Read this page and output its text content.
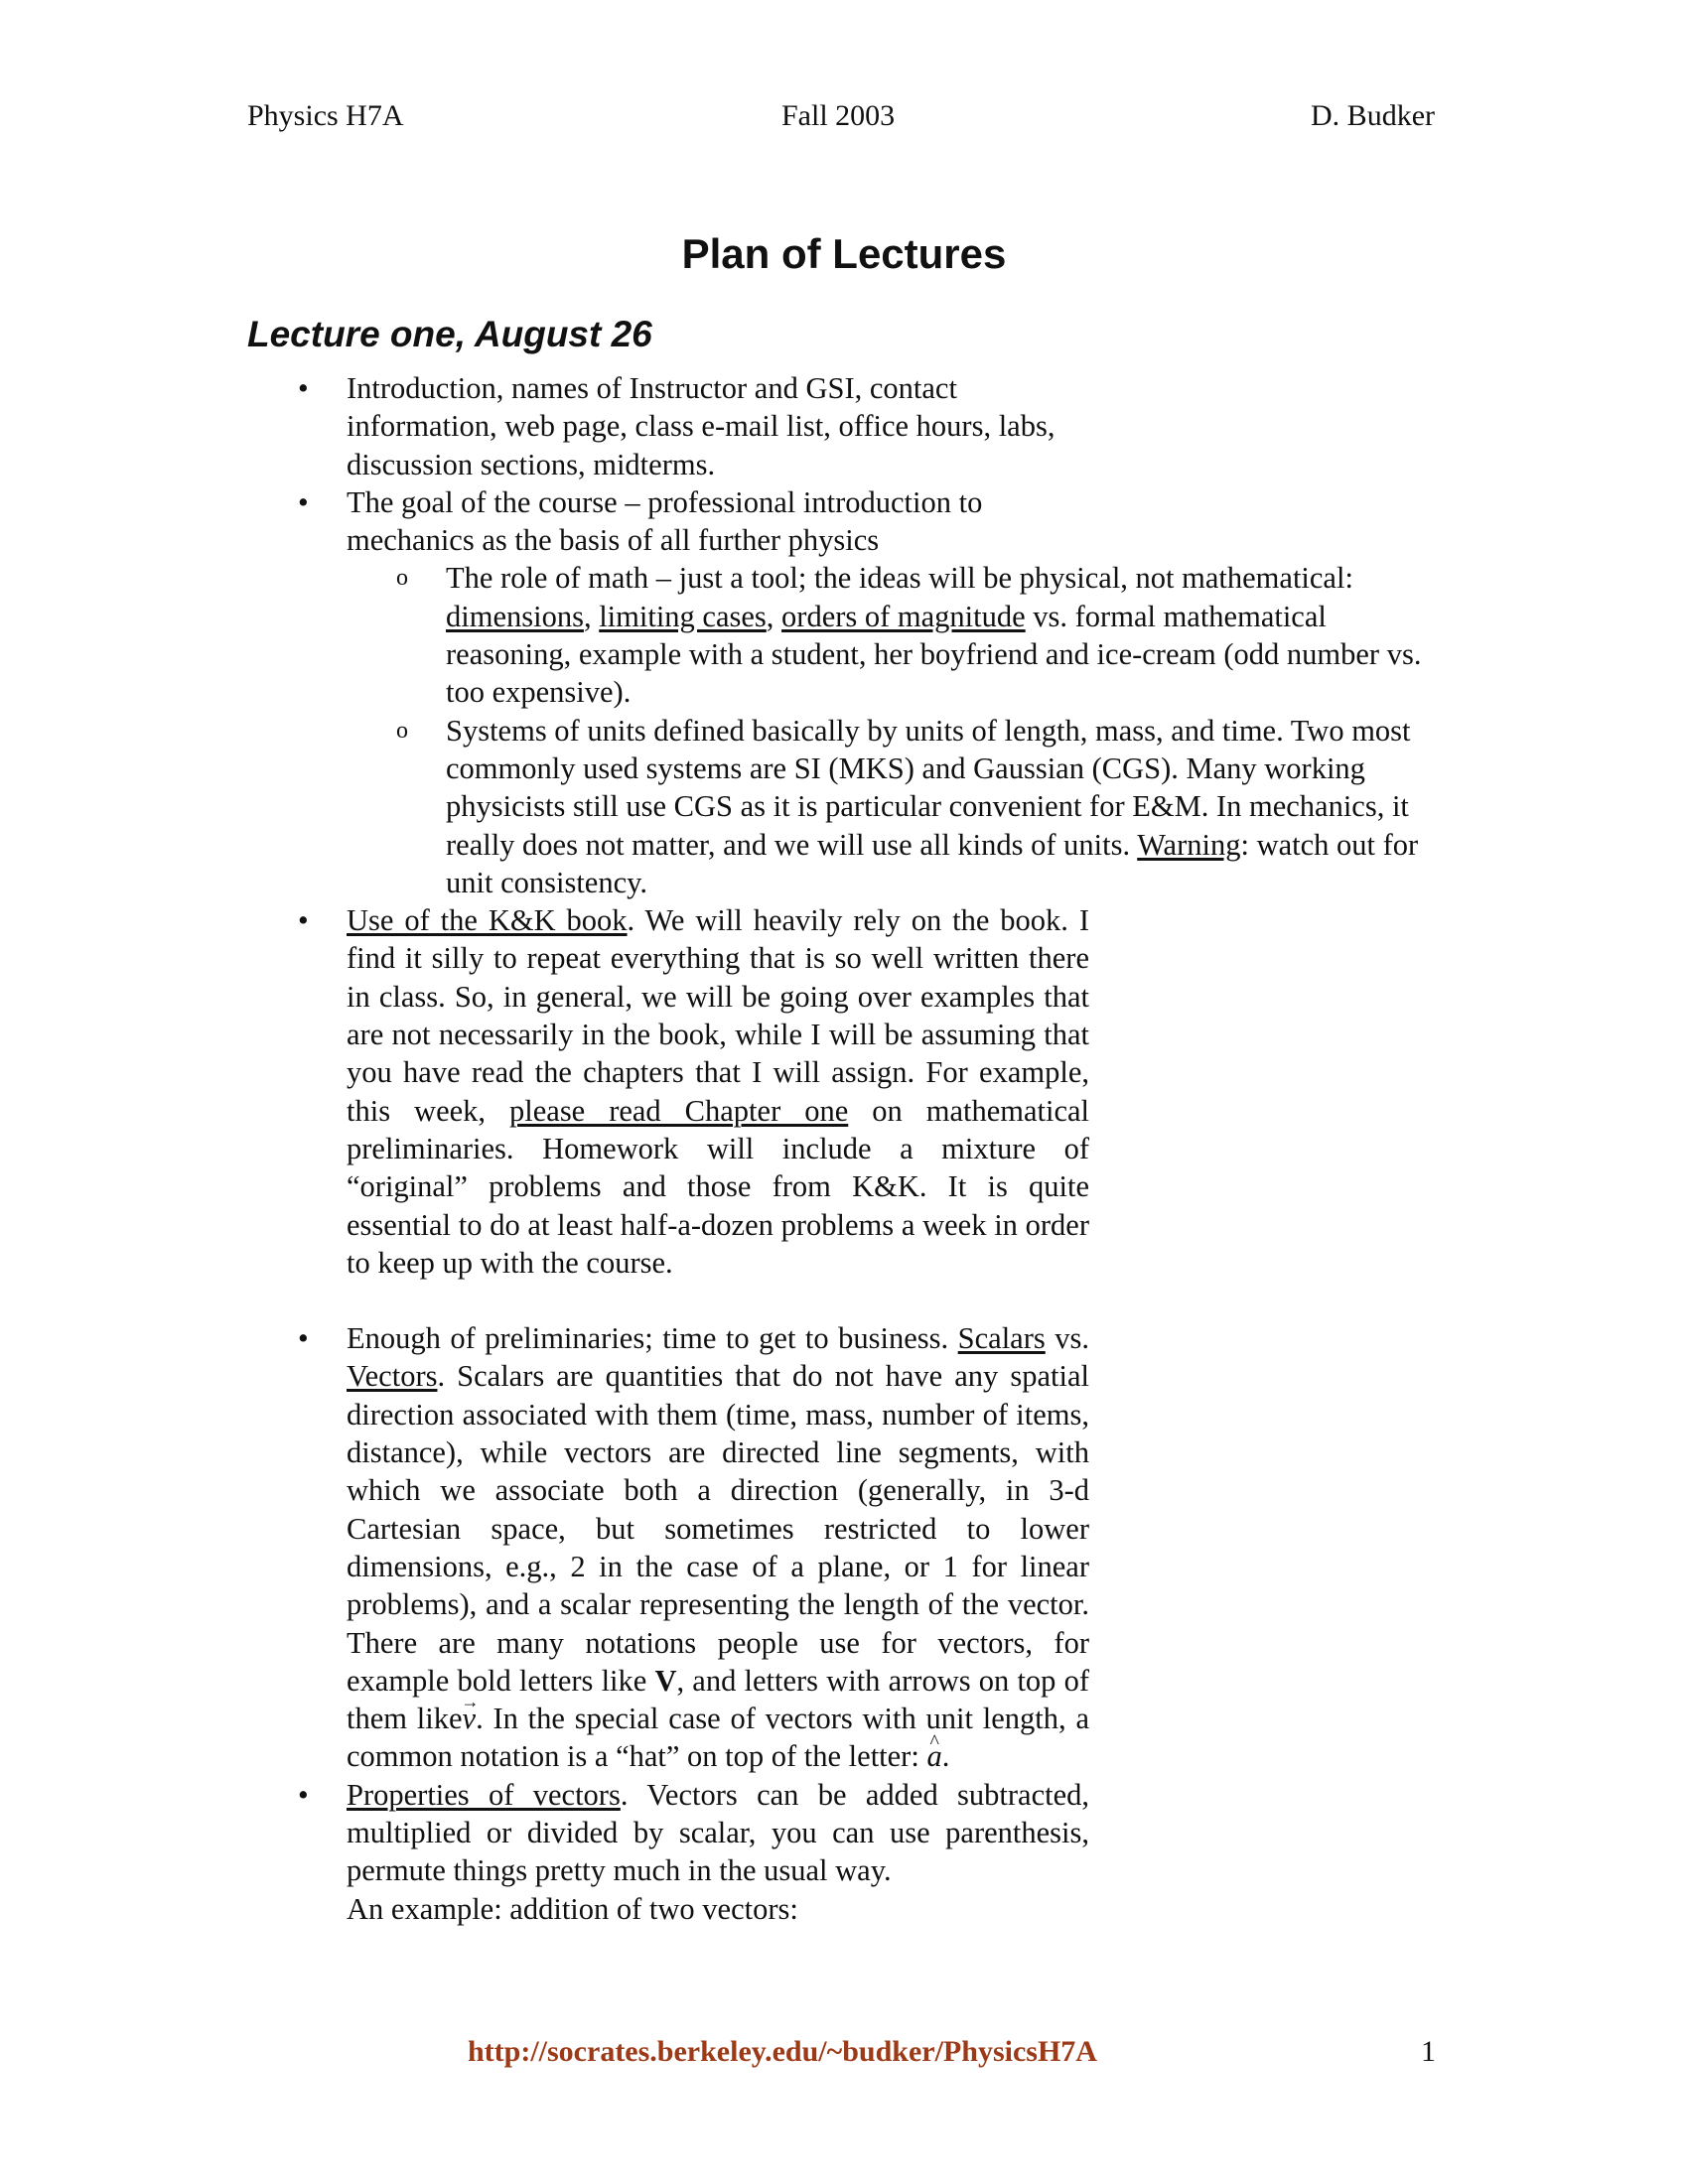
Physics H7A	Fall 2003	D. Budker
Plan of Lectures
Lecture one, August 26
• Introduction, names of Instructor and GSI, contact information, web page, class e-mail list, office hours, labs, discussion sections, midterms.
• The goal of the course – professional introduction to mechanics as the basis of all further physics
o The role of math – just a tool; the ideas will be physical, not mathematical: dimensions, limiting cases, orders of magnitude vs. formal mathematical reasoning, example with a student, her boyfriend and ice-cream (odd number vs. too expensive).
o Systems of units defined basically by units of length, mass, and time. Two most commonly used systems are SI (MKS) and Gaussian (CGS). Many working physicists still use CGS as it is particular convenient for E&M. In mechanics, it really does not matter, and we will use all kinds of units. Warning: watch out for unit consistency.
• Use of the K&K book. We will heavily rely on the book. I find it silly to repeat everything that is so well written there in class. So, in general, we will be going over examples that are not necessarily in the book, while I will be assuming that you have read the chapters that I will assign. For example, this week, please read Chapter one on mathematical preliminaries. Homework will include a mixture of “original” problems and those from K&K. It is quite essential to do at least half-a-dozen problems a week in order to keep up with the course.
• Enough of preliminaries; time to get to business. Scalars vs. Vectors. Scalars are quantities that do not have any spatial direction associated with them (time, mass, number of items, distance), while vectors are directed line segments, with which we associate both a direction (generally, in 3-d Cartesian space, but sometimes restricted to lower dimensions, e.g., 2 in the case of a plane, or 1 for linear problems), and a scalar representing the length of the vector. There are many notations people use for vectors, for example bold letters like V, and letters with arrows on top of them like→ v. In the special case of vectors with unit length, a common notation is a “hat” on top of the letter: ^ a.
• Properties of vectors. Vectors can be added subtracted, multiplied or divided by scalar, you can use parenthesis, permute things pretty much in the usual way.
An example: addition of two vectors:
http://socrates.berkeley.edu/~budker/PhysicsH7A	1
